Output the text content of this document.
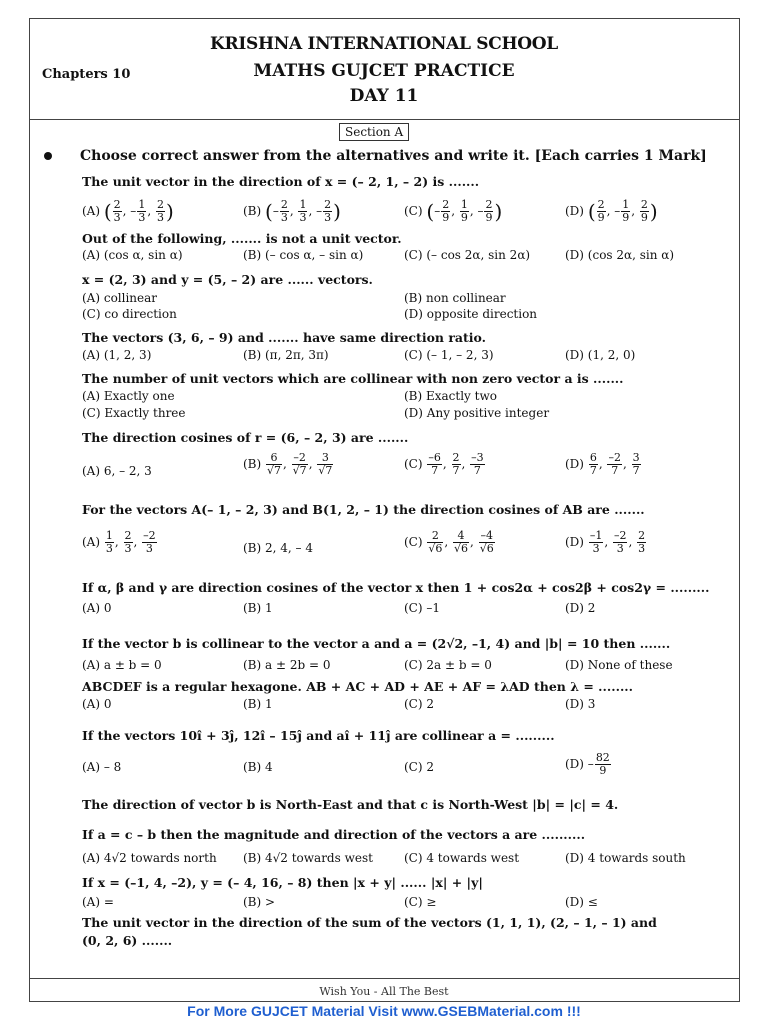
KRISHNA INTERNATIONAL SCHOOL
MATHS GUJCET PRACTICE
DAY 11
Chapters 10
Section A
Choose correct answer from the alternatives and write it. [Each carries 1 Mark]
The unit vector in the direction of x = (– 2, 1, – 2) is .......
(A) ( $\frac{2}{3}$ , – $\frac{1}{3}$ , $\frac{2}{3}$ )	(B) (– $\frac{2}{3}$ , $\frac{1}{3}$ , – $\frac{2}{3}$ )	(C) (– $\frac{2}{9}$ , $\frac{1}{9}$ , – $\frac{2}{9}$ )	(D) ( $\frac{2}{9}$ , – $\frac{1}{9}$ , $\frac{2}{9}$ )
Out of the following, ....... is not a unit vector.
(A) (cos α, sin α)	(B) (– cos α, – sin α)	(C) (– cos 2α, sin 2α)	(D) (cos 2α, sin α)
x = (2, 3) and y = (5, – 2) are ...... vectors.
(A) collinear	(B) non collinear
(C) co direction	(D) opposite direction
The vectors (3, 6, – 9) and ....... have same direction ratio.
(A) (1, 2, 3)	(B) (π, 2π, 3π)	(C) (– 1, – 2, 3)	(D) (1, 2, 0)
The number of unit vectors which are collinear with non zero vector a is .......
(A) Exactly one	(B) Exactly two
(C) Exactly three	(D) Any positive integer
The direction cosines of r = (6, – 2, 3) are .......
(A) 6, – 2, 3	$(B) \frac{6}{√7}$ , $\frac{-2}{√7}$ , $\frac{3}{√7}$	$(C) \frac{-6}{7}$ , $\frac{2}{7}$ , $\frac{-3}{7}$	$(D) \frac{6}{7}$ , $\frac{-2}{7}$ , $\frac{3}{7}$
For the vectors A(– 1, – 2, 3) and B(1, 2, – 1) the direction cosines of AB are .......
$(A) \frac{1}{3}$ , $\frac{2}{3}$ , $\frac{-2}{3}$	(B) 2, 4, – 4	$(C) \frac{2}{√6}$ , $\frac{4}{√6}$ , $\frac{-4}{√6}$	$(D) \frac{-1}{3}$ , $\frac{-2}{3}$ , $\frac{2}{3}$
If α, β and γ are direction cosines of the vector x then 1 + cos2α + cos2β + cos2γ = .........
(A) 0	(B) 1	(C) –1	(D) 2
If the vector b is collinear to the vector a and a = (2√2, –1, 4) and |b| = 10 then .......
(A) a ± b = 0	(B) a ± 2b = 0	(C) 2a ± b = 0	(D) None of these
ABCDEF is a regular hexagone. AB + AC + AD + AE + AF = λAD then λ = ........
(A) 0	(B) 1	(C) 2	(D) 3
If the vectors 10î + 3ĵ, 12î – 15ĵ and aî + 11ĵ are collinear a = .........
(A) – 8	(B) 4	(C) 2	$(D) - \frac{82}{9}$
The direction of vector b is North-East and that c is North-West |b| = |c| = 4.
If a = c – b then the magnitude and direction of the vectors a are ..........
(A) 4√2 towards north (B) 4√2 towards west	(C) 4 towards west	(D) 4 towards south
If x = (–1, 4, –2), y = (– 4, 16, – 8) then |x + y| ...... |x| + |y|
(A) =	(B) >	(C) ≥	(D) ≤
The unit vector in the direction of the sum of the vectors (1, 1, 1), (2, – 1, – 1) and
(0, 2, 6) .......
Wish You - All The Best
For More GUJCET Material Visit www.GSEBMaterial.com !!!
